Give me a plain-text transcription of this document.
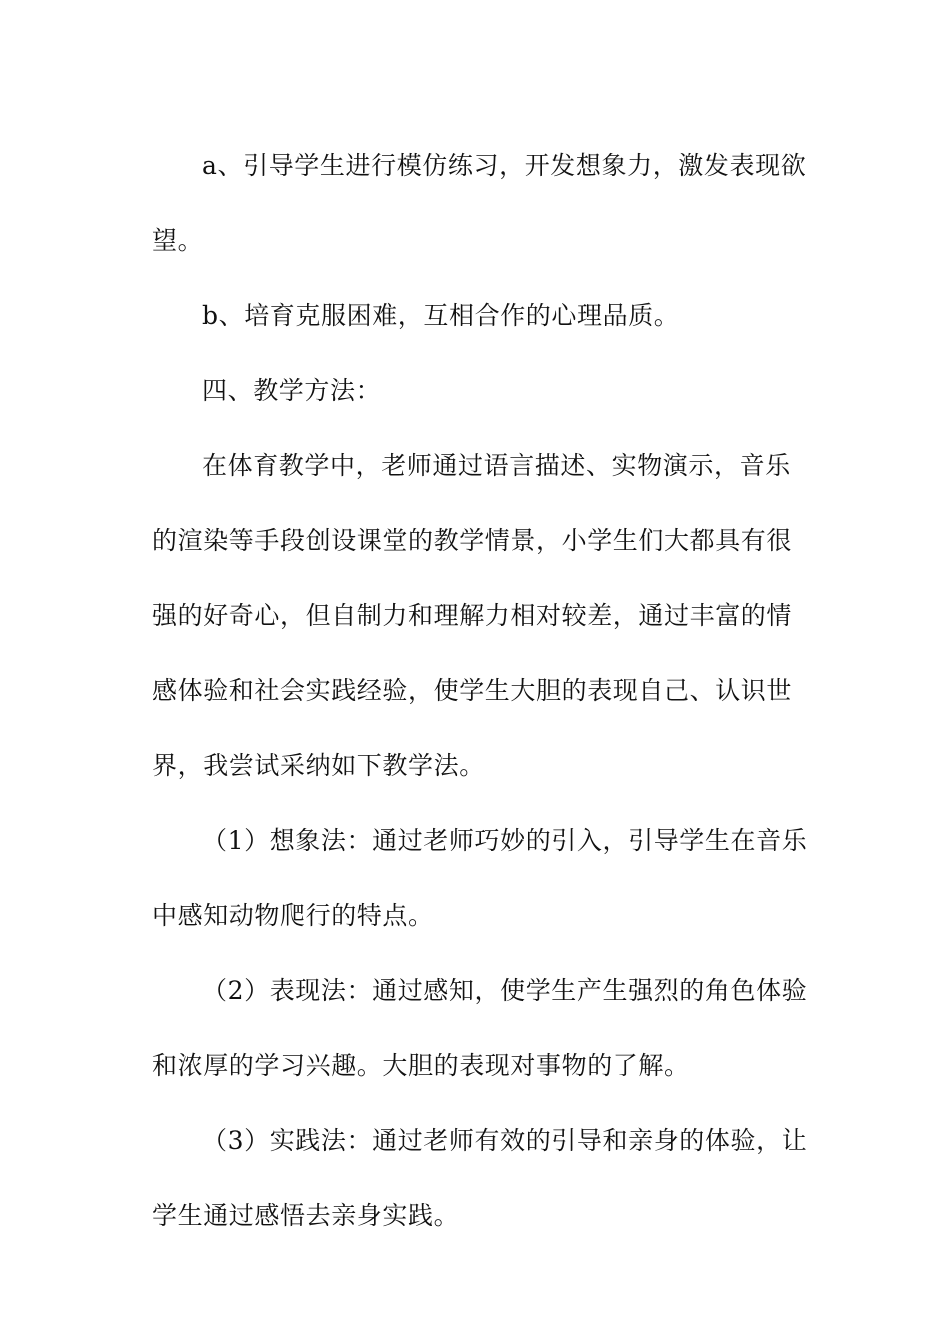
a、引导学生进行模仿练习，开发想象力，激发表现欲望。

b、培育克服困难，互相合作的心理品质。

四、教学方法：

在体育教学中，老师通过语言描述、实物演示，音乐的渲染等手段创设课堂的教学情景，小学生们大都具有很强的好奇心，但自制力和理解力相对较差，通过丰富的情感体验和社会实践经验，使学生大胆的表现自己、认识世界，我尝试采纳如下教学法。

（1）想象法：通过老师巧妙的引入，引导学生在音乐中感知动物爬行的特点。

（2）表现法：通过感知，使学生产生强烈的角色体验和浓厚的学习兴趣。大胆的表现对事物的了解。

（3）实践法：通过老师有效的引导和亲身的体验，让学生通过感悟去亲身实践。
